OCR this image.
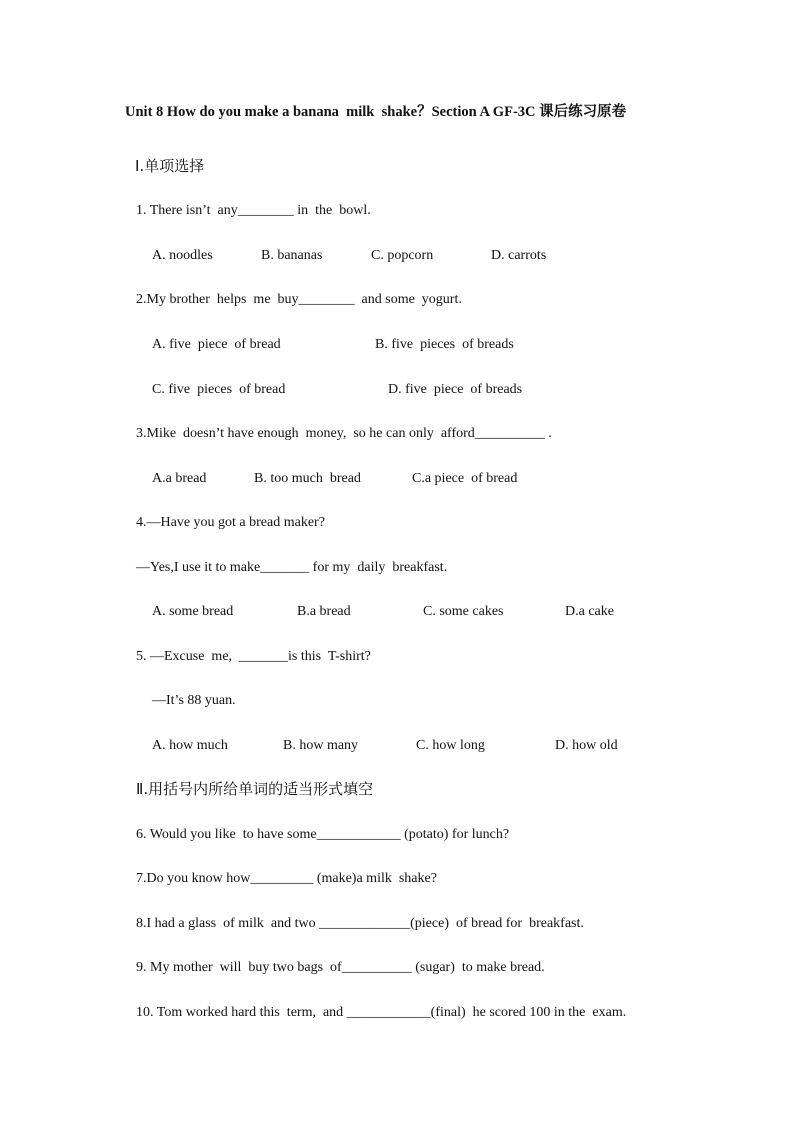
Unit 8 How do you make a banana  milk  shake？Section A GF-3C 课后练习原卷
Ⅰ.单项选择
1. There isn’t  any________ in  the  bowl.
A. noodles	B. bananas	C. popcorn	D. carrots
2.My brother  helps  me  buy________  and some  yogurt.
A. five  piece  of bread	B. five  pieces  of breads
C. five  pieces  of bread	D. five  piece  of breads
3.Mike  doesn’t have enough  money,  so he can only  afford__________ .
A.a bread	B. too much  bread	C.a piece  of bread
4.—Have you got a bread maker?
—Yes,I use it to make_______ for my  daily  breakfast.
A. some bread	B.a bread	C. some cakes	D.a cake
5. —Excuse  me,  _______is this  T-shirt?
—It’s 88 yuan.
A. how much	B. how many	C. how long	D. how old
Ⅱ.用括号内所给单词的适当形式填空
6. Would you like  to have some____________ (potato) for lunch?
7.Do you know how_________ (make)a milk  shake?
8.I had a glass  of milk  and two _____________(piece)  of bread for  breakfast.
9. My mother  will  buy two bags  of__________ (sugar)  to make bread.
10. Tom worked hard this  term,  and ____________(final)  he scored 100 in the  exam.
